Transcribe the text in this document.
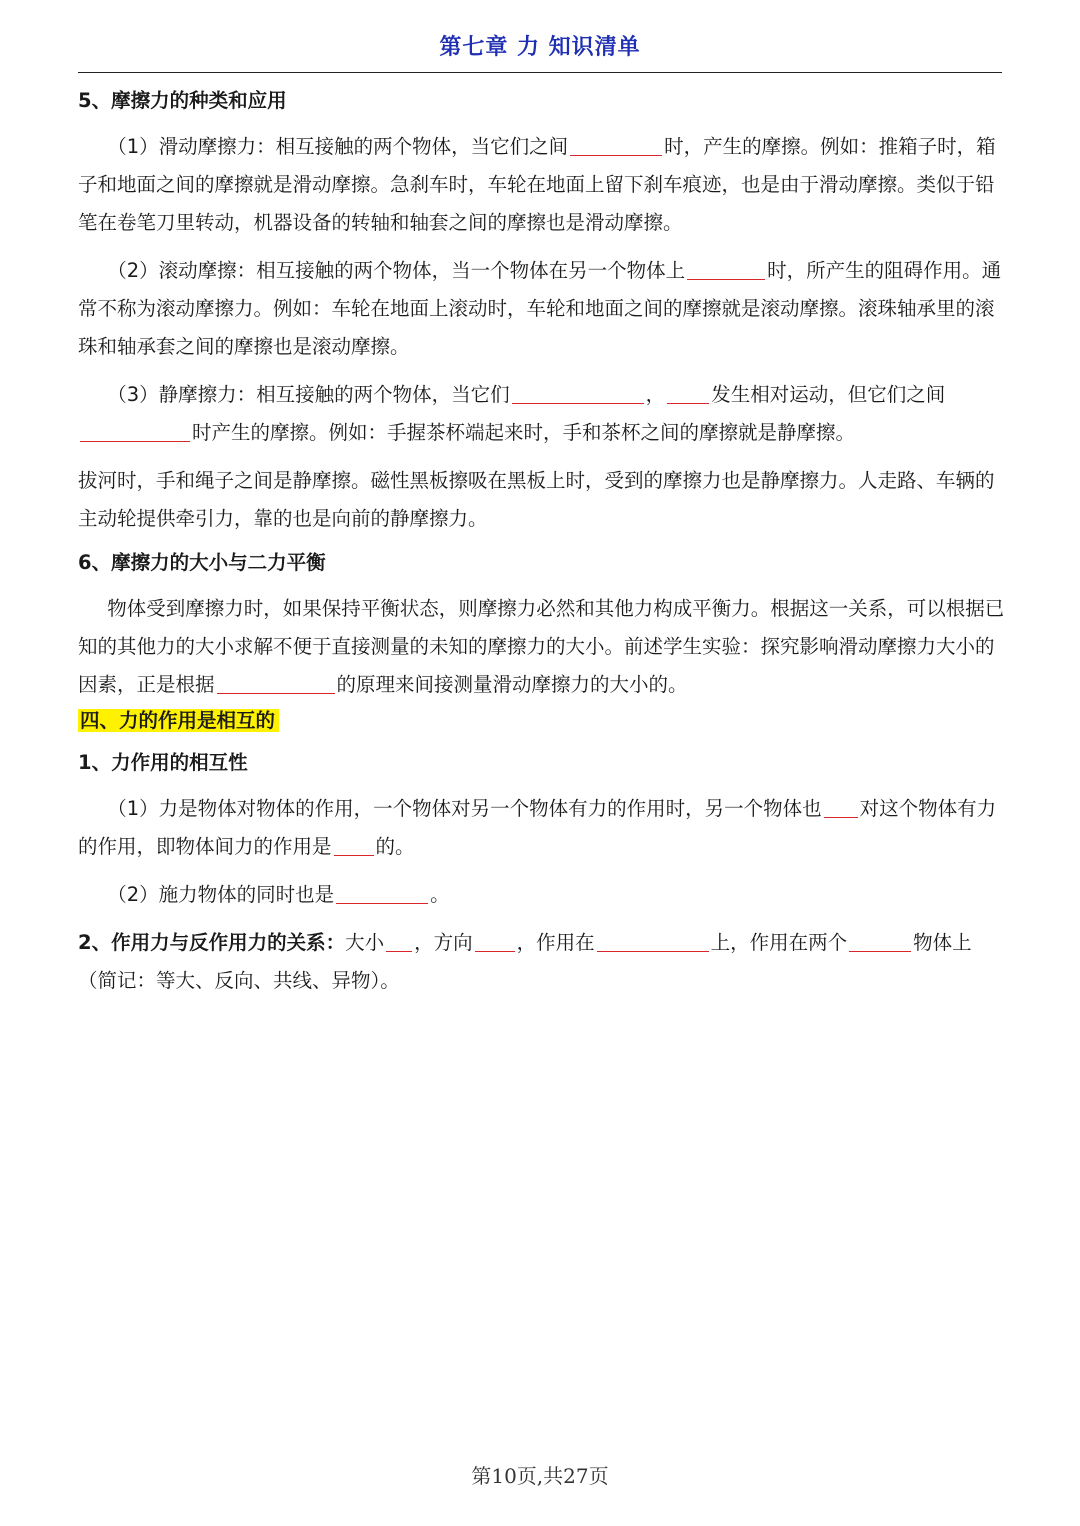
第七章 力 知识清单

5、摩擦力的种类和应用

（1）滑动摩擦力：相互接触的两个物体，当它们之间	时，产生的摩擦。例如：推箱子时，箱子和地面之间的摩擦就是滑动摩擦。急刹车时，车轮在地面上留下刹车痕迹，也是由于滑动摩擦。类似于铅笔在卷笔刀里转动，机器设备的转轴和轴套之间的摩擦也是滑动摩擦。

（2）滚动摩擦：相互接触的两个物体，当一个物体在另一个物体上	时，所产生的阻碍作用。通常不称为滚动摩擦力。例如：车轮在地面上滚动时，车轮和地面之间的摩擦就是滚动摩擦。滚珠轴承里的滚珠和轴承套之间的摩擦也是滚动摩擦。

（3）静摩擦力：相互接触的两个物体，当它们	， 发生相对运动，但它们之间时产生的摩擦。例如：手握茶杯端起来时，手和茶杯之间的摩擦就是静摩擦。

拔河时，手和绳子之间是静摩擦。磁性黑板擦吸在黑板上时，受到的摩擦力也是静摩擦力。人走路、车辆的主动轮提供牵引力，靠的也是向前的静摩擦力。

6、摩擦力的大小与二力平衡

物体受到摩擦力时，如果保持平衡状态，则摩擦力必然和其他力构成平衡力。根据这一关系，可以根据已知的其他力的大小求解不便于直接测量的未知的摩擦力的大小。前述学生实验：探究影响滑动摩擦力大小的因素，正是根据	的原理来间接测量滑动摩擦力的大小的。

四、力的作用是相互的

1、力作用的相互性

（1）力是物体对物体的作用，一个物体对另一个物体有力的作用时，另一个物体也 对这个物体有力的作用，即物体间力的作用是 的。

（2）施力物体的同时也是	。

2、作用力与反作用力的关系：大小 ，方向 ，作用在	上，作用在两个	物体上（简记：等大、反向、共线、异物）。

第10页,共27页
